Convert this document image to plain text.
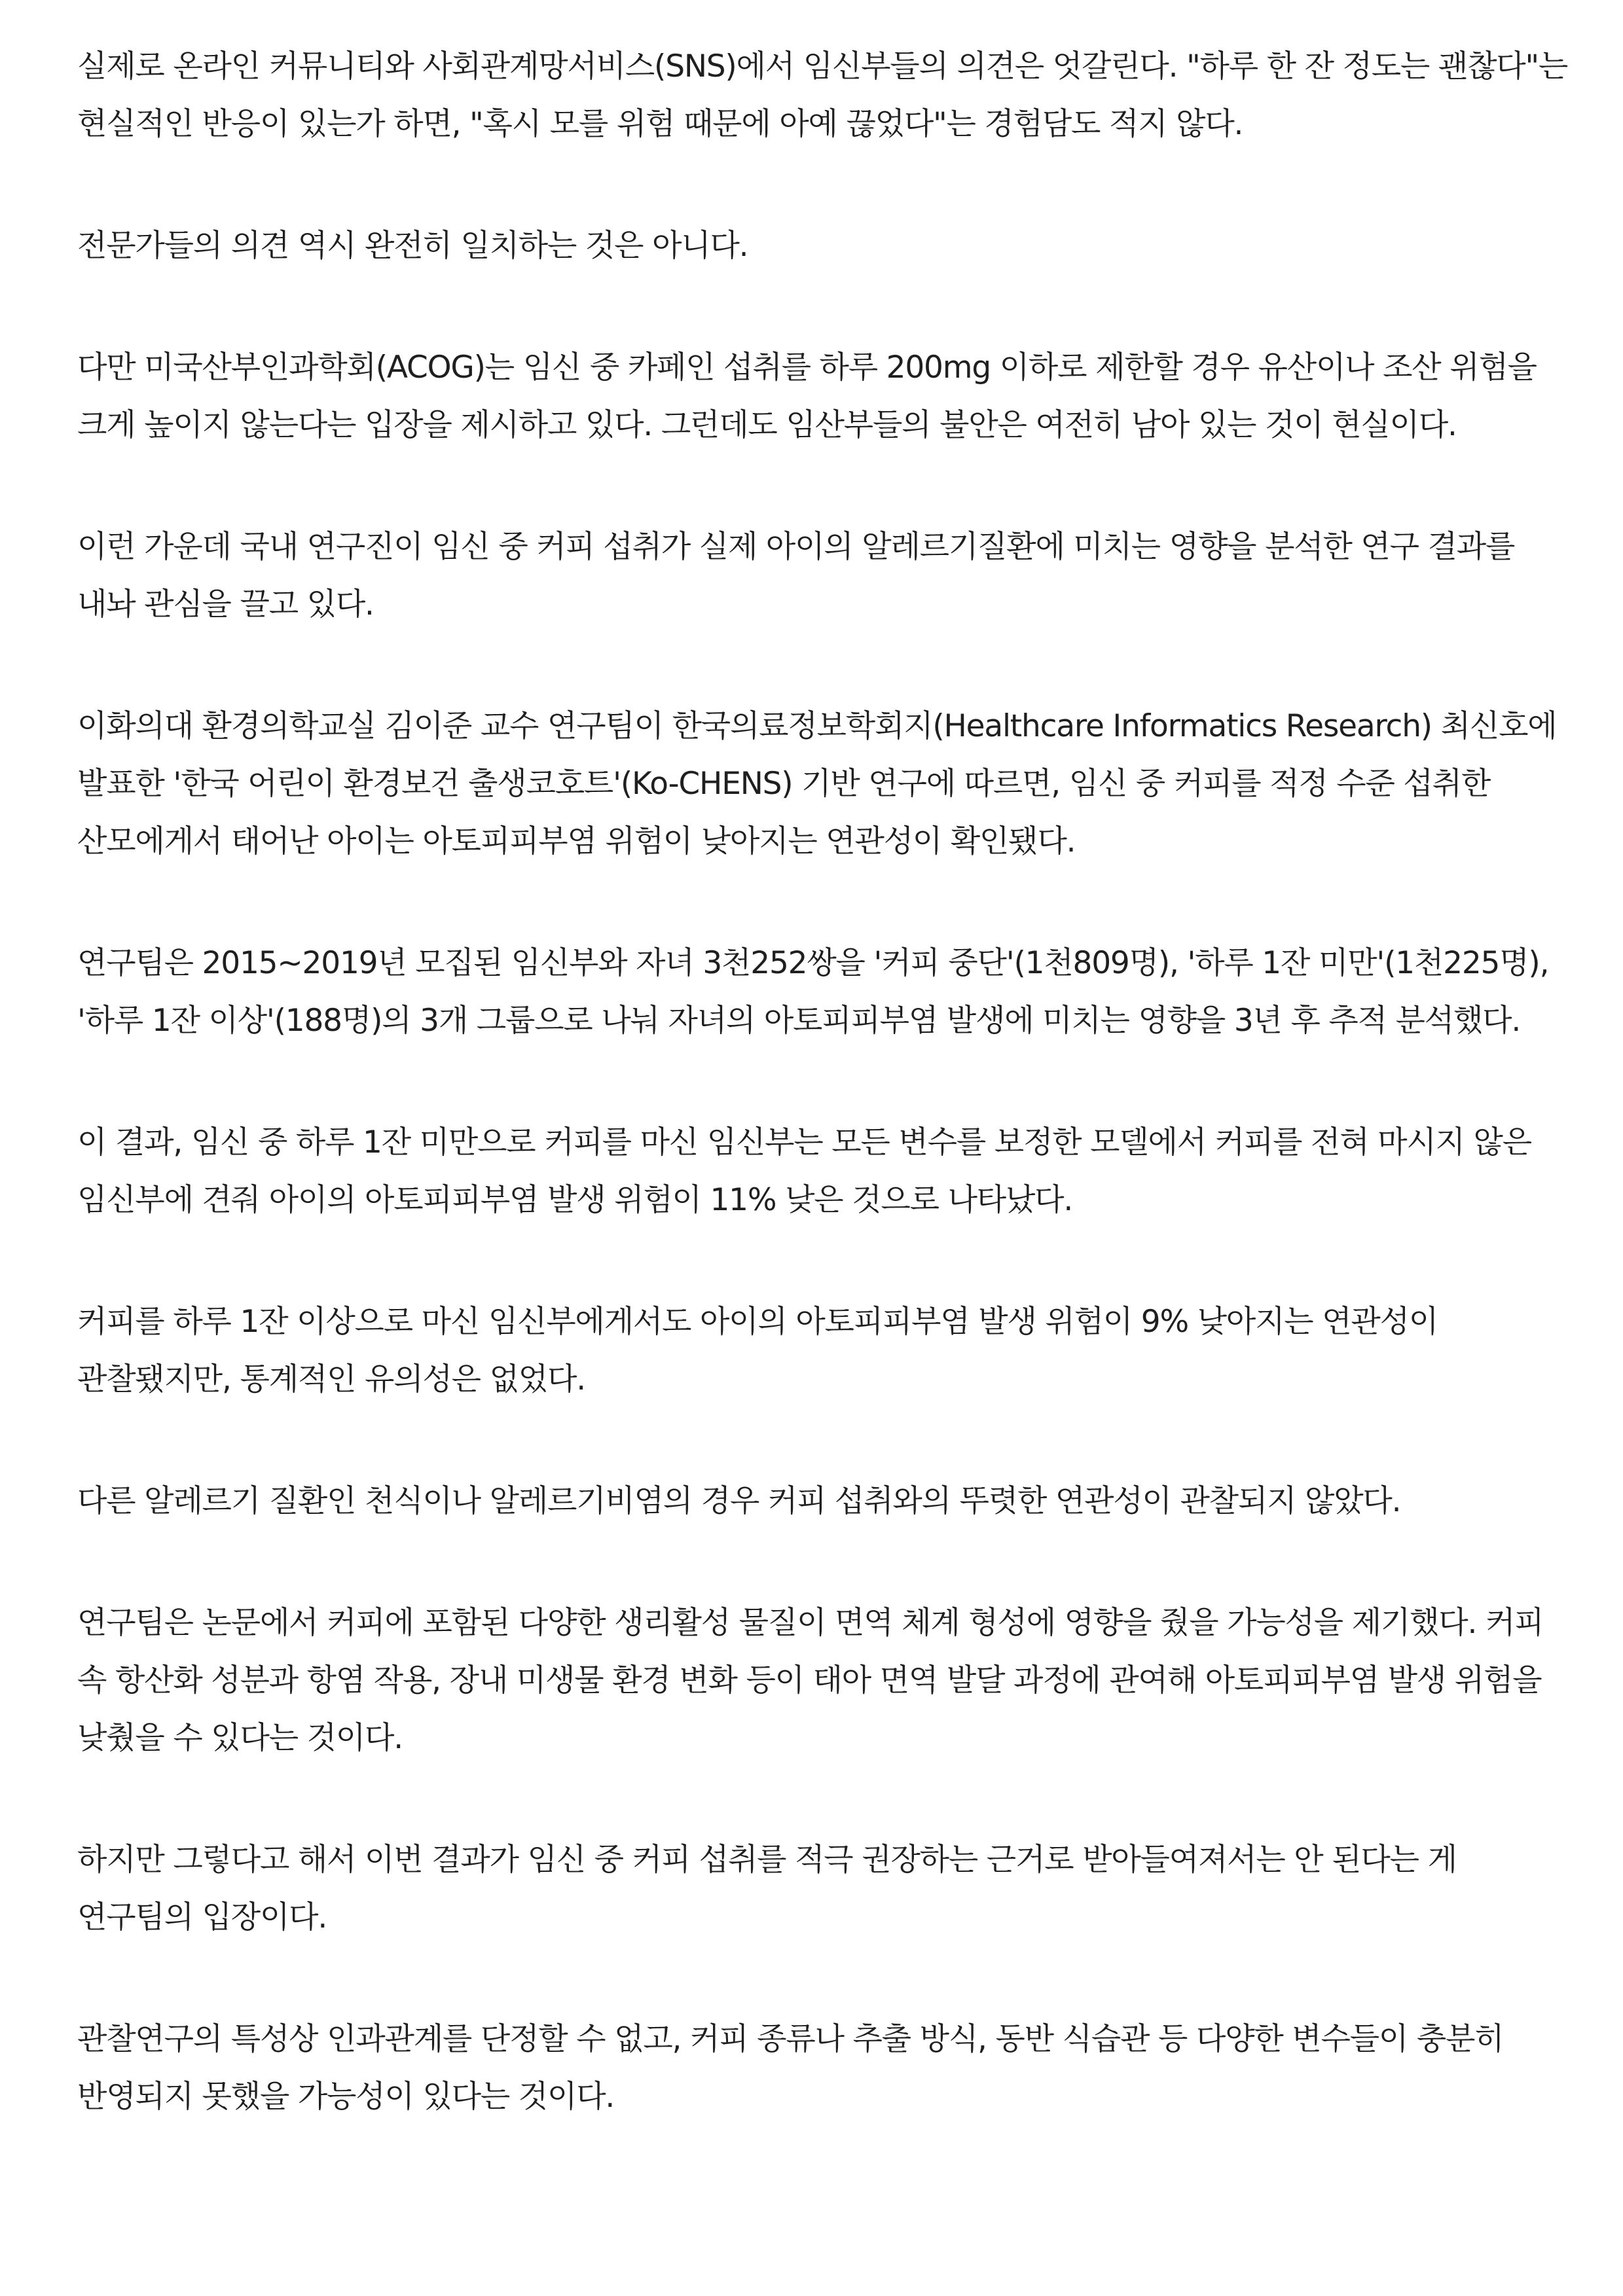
실제로 온라인 커뮤니티와 사회관계망서비스(SNS)에서 임신부들의 의견은 엇갈린다. "하루 한 잔 정도는 괜찮다"는 현실적인 반응이 있는가 하면, "혹시 모를 위험 때문에 아예 끊었다"는 경험담도 적지 않다.

전문가들의 의견 역시 완전히 일치하는 것은 아니다.

다만 미국산부인과학회(ACOG)는 임신 중 카페인 섭취를 하루 200mg 이하로 제한할 경우 유산이나 조산 위험을 크게 높이지 않는다는 입장을 제시하고 있다. 그런데도 임산부들의 불안은 여전히 남아 있는 것이 현실이다.

이런 가운데 국내 연구진이 임신 중 커피 섭취가 실제 아이의 알레르기질환에 미치는 영향을 분석한 연구 결과를 내놔 관심을 끌고 있다.

이화의대 환경의학교실 김이준 교수 연구팀이 한국의료정보학회지(Healthcare Informatics Research) 최신호에 발표한 '한국 어린이 환경보건 출생코호트'(Ko-CHENS) 기반 연구에 따르면, 임신 중 커피를 적정 수준 섭취한 산모에게서 태어난 아이는 아토피피부염 위험이 낮아지는 연관성이 확인됐다.

연구팀은 2015~2019년 모집된 임신부와 자녀 3천252쌍을 '커피 중단'(1천809명), '하루 1잔 미만'(1천225명), '하루 1잔 이상'(188명)의 3개 그룹으로 나눠 자녀의 아토피피부염 발생에 미치는 영향을 3년 후 추적 분석했다.

이 결과, 임신 중 하루 1잔 미만으로 커피를 마신 임신부는 모든 변수를 보정한 모델에서 커피를 전혀 마시지 않은 임신부에 견줘 아이의 아토피피부염 발생 위험이 11% 낮은 것으로 나타났다.

커피를 하루 1잔 이상으로 마신 임신부에게서도 아이의 아토피피부염 발생 위험이 9% 낮아지는 연관성이 관찰됐지만, 통계적인 유의성은 없었다.

다른 알레르기 질환인 천식이나 알레르기비염의 경우 커피 섭취와의 뚜렷한 연관성이 관찰되지 않았다.

연구팀은 논문에서 커피에 포함된 다양한 생리활성 물질이 면역 체계 형성에 영향을 줬을 가능성을 제기했다. 커피 속 항산화 성분과 항염 작용, 장내 미생물 환경 변화 등이 태아 면역 발달 과정에 관여해 아토피피부염 발생 위험을 낮췄을 수 있다는 것이다.

하지만 그렇다고 해서 이번 결과가 임신 중 커피 섭취를 적극 권장하는 근거로 받아들여져서는 안 된다는 게 연구팀의 입장이다.

관찰연구의 특성상 인과관계를 단정할 수 없고, 커피 종류나 추출 방식, 동반 식습관 등 다양한 변수들이 충분히 반영되지 못했을 가능성이 있다는 것이다.
